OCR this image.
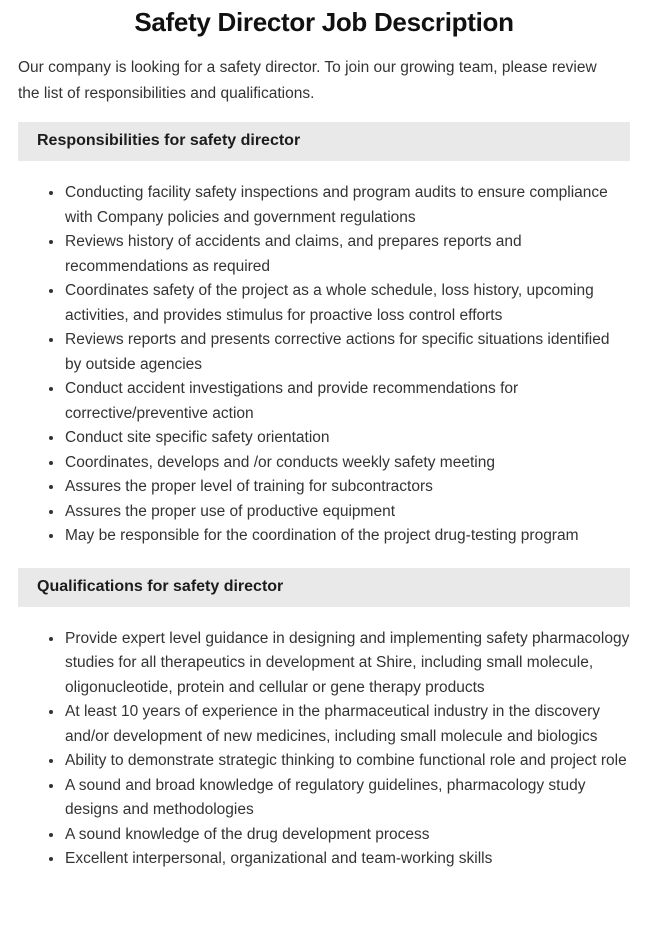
Safety Director Job Description

Our company is looking for a safety director. To join our growing team, please review the list of responsibilities and qualifications.

Responsibilities for safety director
• Conducting facility safety inspections and program audits to ensure compliance with Company policies and government regulations
• Reviews history of accidents and claims, and prepares reports and recommendations as required
• Coordinates safety of the project as a whole schedule, loss history, upcoming activities, and provides stimulus for proactive loss control efforts
• Reviews reports and presents corrective actions for specific situations identified by outside agencies
• Conduct accident investigations and provide recommendations for corrective/preventive action
• Conduct site specific safety orientation
• Coordinates, develops and /or conducts weekly safety meeting
• Assures the proper level of training for subcontractors
• Assures the proper use of productive equipment
• May be responsible for the coordination of the project drug-testing program
Qualifications for safety director
• Provide expert level guidance in designing and implementing safety pharmacology studies for all therapeutics in development at Shire, including small molecule, oligonucleotide, protein and cellular or gene therapy products
• At least 10 years of experience in the pharmaceutical industry in the discovery and/or development of new medicines, including small molecule and biologics
• Ability to demonstrate strategic thinking to combine functional role and project role
• A sound and broad knowledge of regulatory guidelines, pharmacology study designs and methodologies
• A sound knowledge of the drug development process
• Excellent interpersonal, organizational and team-working skills
